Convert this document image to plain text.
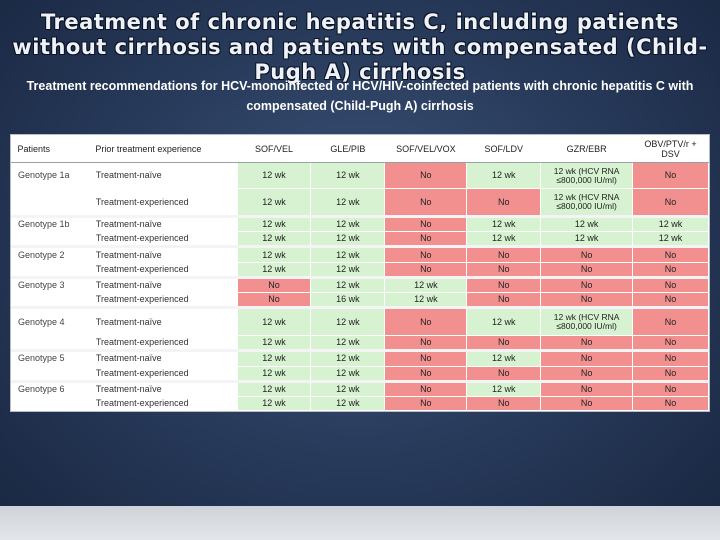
Treatment of chronic hepatitis C, including patients without cirrhosis and patients with compensated (Child-Pugh A) cirrhosis
Treatment recommendations for HCV-monoinfected or HCV/HIV-coinfected patients with chronic hepatitis C with compensated (Child-Pugh A) cirrhosis
Patients	Prior treatment experience	SOF/VEL	GLE/PIB	SOF/VEL/VOX	SOF/LDV	GZR/EBR	OBV/PTV/r + DSV
Genotype 1a	Treatment-naïve	12 wk	12 wk	No	12 wk	12 wk (HCV RNA ≤800,000 IU/ml)	No
	Treatment-experienced	12 wk	12 wk	No	No	12 wk (HCV RNA ≤800,000 IU/ml)	No
Genotype 1b	Treatment-naïve	12 wk	12 wk	No	12 wk	12 wk	12 wk
	Treatment-experienced	12 wk	12 wk	No	12 wk	12 wk	12 wk
Genotype 2	Treatment-naïve	12 wk	12 wk	No	No	No	No
	Treatment-experienced	12 wk	12 wk	No	No	No	No
Genotype 3	Treatment-naïve	No	12 wk	12 wk	No	No	No
	Treatment-experienced	No	16 wk	12 wk	No	No	No
Genotype 4	Treatment-naïve	12 wk	12 wk	No	12 wk	12 wk (HCV RNA ≤800,000 IU/ml)	No
	Treatment-experienced	12 wk	12 wk	No	No	No	No
Genotype 5	Treatment-naïve	12 wk	12 wk	No	12 wk	No	No
	Treatment-experienced	12 wk	12 wk	No	No	No	No
Genotype 6	Treatment-naïve	12 wk	12 wk	No	12 wk	No	No
	Treatment-experienced	12 wk	12 wk	No	No	No	No
